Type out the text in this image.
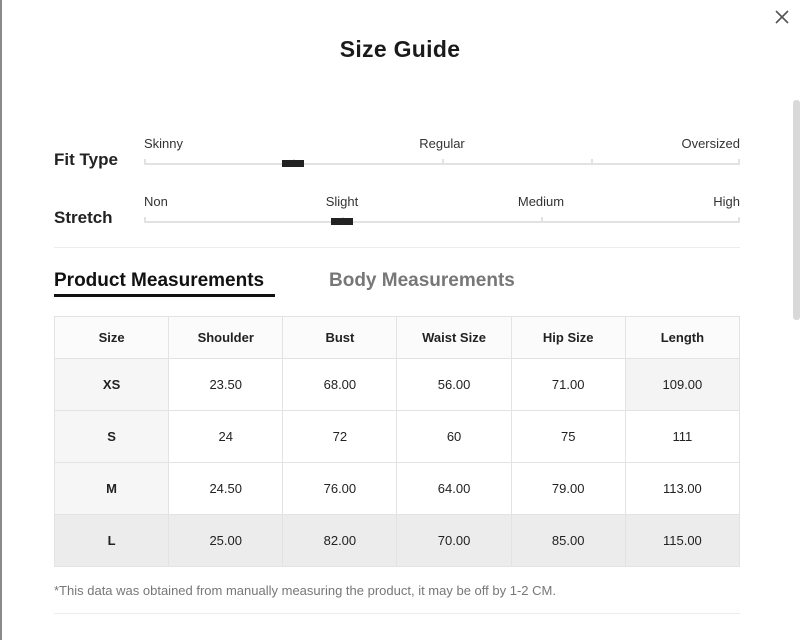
Size Guide
Fit Type
Skinny	Regular	Oversized
Stretch
Non	Slight	Medium	High
Product Measurements	Body Measurements
Size	Shoulder	Bust	Waist Size	Hip Size	Length
XS	23.50	68.00	56.00	71.00	109.00
S	24	72	60	75	111
M	24.50	76.00	64.00	79.00	113.00
L	25.00	82.00	70.00	85.00	115.00
*This data was obtained from manually measuring the product, it may be off by 1-2 CM.
